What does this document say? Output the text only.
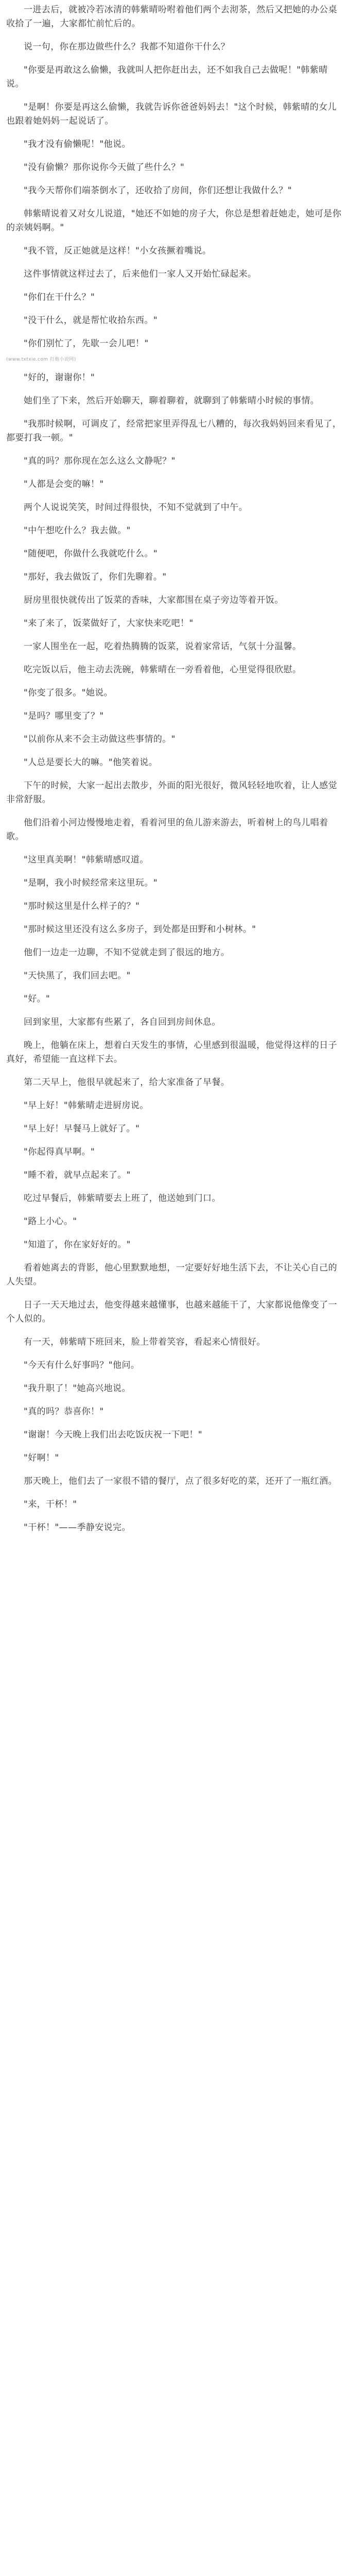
一进去后，就被冷若冰清的韩紫晴吩咐着他们两个去沏茶，然后又把她的办公桌收拾了一遍，大家都忙前忙后的。

说一句，你在那边做些什么？我都不知道你干什么？

"你要是再敢这么偷懒，我就叫人把你赶出去，还不如我自己去做呢！"韩紫晴说。

"是啊！你要是再这么偷懒，我就告诉你爸爸妈妈去！"这个时候，韩紫晴的女儿也跟着她妈妈一起说话了。

"我才没有偷懒呢！"他说。

"没有偷懒？那你说你今天做了些什么？"

"我今天帮你们端茶倒水了，还收拾了房间，你们还想让我做什么？"

韩紫晴说着又对女儿说道，"她还不如她的房子大，你总是想着赶她走，她可是你的亲姨妈啊。"

"我不管，反正她就是这样！"小女孩撅着嘴说。

这件事情就这样过去了，后来他们一家人又开始忙碌起来。

"你们在干什么？"

"没干什么，就是帮忙收拾东西。"

"你们别忙了，先歇一会儿吧！"

(www.txtxie.com 打炮小说网)

"好的，谢谢你！"

她们坐了下来，然后开始聊天，聊着聊着，就聊到了韩紫晴小时候的事情。

"我那时候啊，可调皮了，经常把家里弄得乱七八糟的，每次我妈妈回来看见了，都要打我一顿。"

"真的吗？那你现在怎么这么文静呢？"

"人都是会变的嘛！"

两个人说说笑笑，时间过得很快，不知不觉就到了中午。

"中午想吃什么？我去做。"

"随便吧，你做什么我就吃什么。"

"那好，我去做饭了，你们先聊着。"

厨房里很快就传出了饭菜的香味，大家都围在桌子旁边等着开饭。

"来了来了，饭菜做好了，大家快来吃吧！"

一家人围坐在一起，吃着热腾腾的饭菜，说着家常话，气氛十分温馨。

吃完饭以后，他主动去洗碗，韩紫晴在一旁看着他，心里觉得很欣慰。

"你变了很多。"她说。

"是吗？哪里变了？"

"以前你从来不会主动做这些事情的。"

"人总是要长大的嘛。"他笑着说。

下午的时候，大家一起出去散步，外面的阳光很好，微风轻轻地吹着，让人感觉非常舒服。

他们沿着小河边慢慢地走着，看着河里的鱼儿游来游去，听着树上的鸟儿唱着歌。

"这里真美啊！"韩紫晴感叹道。

"是啊，我小时候经常来这里玩。"

"那时候这里是什么样子的？"

"那时候这里还没有这么多房子，到处都是田野和小树林。"

他们一边走一边聊，不知不觉就走到了很远的地方。

"天快黑了，我们回去吧。"

"好。"

回到家里，大家都有些累了，各自回到房间休息。

晚上，他躺在床上，想着白天发生的事情，心里感到很温暖，他觉得这样的日子真好，希望能一直这样下去。

第二天早上，他很早就起来了，给大家准备了早餐。

"早上好！"韩紫晴走进厨房说。

"早上好！早餐马上就好了。"

"你起得真早啊。"

"睡不着，就早点起来了。"

吃过早餐后，韩紫晴要去上班了，他送她到门口。

"路上小心。"

"知道了，你在家好好的。"

看着她离去的背影，他心里默默地想，一定要好好地生活下去，不让关心自己的人失望。

日子一天天地过去，他变得越来越懂事，也越来越能干了，大家都说他像变了一个人似的。

有一天，韩紫晴下班回来，脸上带着笑容，看起来心情很好。

"今天有什么好事吗？"他问。

"我升职了！"她高兴地说。

"真的吗？恭喜你！"

"谢谢！今天晚上我们出去吃饭庆祝一下吧！"

"好啊！"

那天晚上，他们去了一家很不错的餐厅，点了很多好吃的菜，还开了一瓶红酒。

"来，干杯！"

"干杯！"——季静安说完。
